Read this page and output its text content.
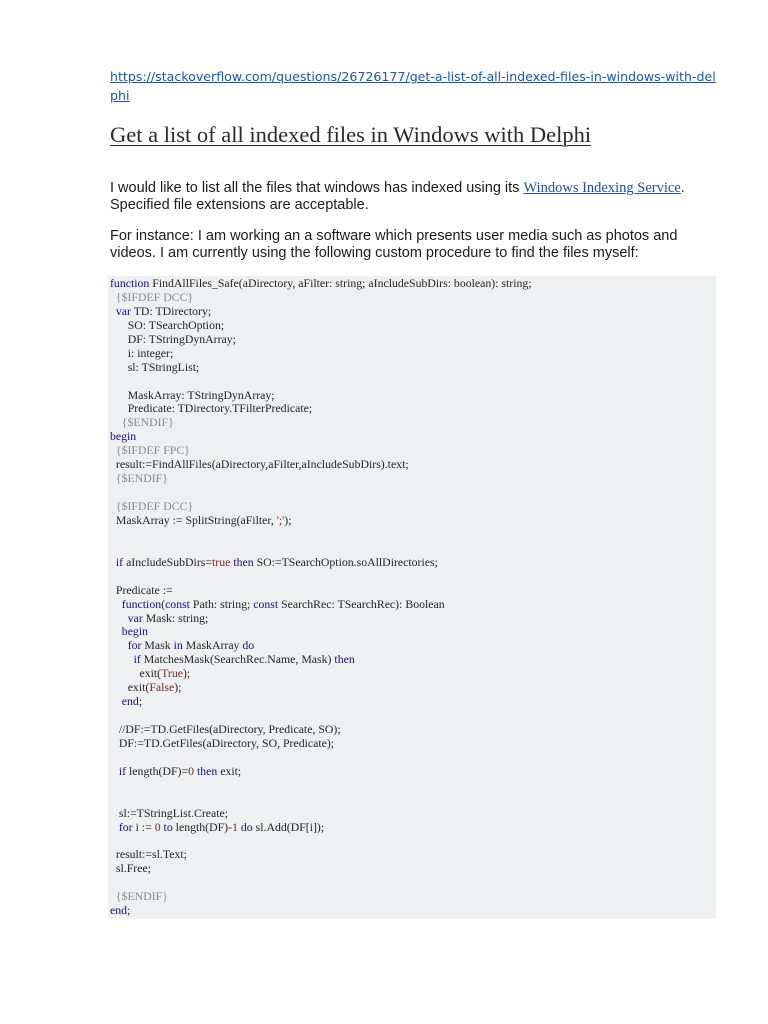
https://stackoverflow.com/questions/26726177/get-a-list-of-all-indexed-files-in-windows-with-delphi
Get a list of all indexed files in Windows with Delphi

I would like to list all the files that windows has indexed using its Windows Indexing Service. Specified file extensions are acceptable.

For instance: I am working an a software which presents user media such as photos and videos. I am currently using the following custom procedure to find the files myself:

function FindAllFiles_Safe(aDirectory, aFilter: string; aIncludeSubDirs: boolean): string;
{$IFDEF DCC}
var TD: TDirectory;
SO: TSearchOption;
DF: TStringDynArray;
i: integer;
sl: TStringList;
MaskArray: TStringDynArray;
Predicate: TDirectory.TFilterPredicate;
{$ENDIF}
begin
{$IFDEF FPC}
result:=FindAllFiles(aDirectory,aFilter,aIncludeSubDirs).text;
{$ENDIF}
{$IFDEF DCC}
MaskArray := SplitString(aFilter, ';');
if aIncludeSubDirs=true then SO:=TSearchOption.soAllDirectories;
Predicate :=
function(const Path: string; const SearchRec: TSearchRec): Boolean
var Mask: string;
begin
for Mask in MaskArray do
if MatchesMask(SearchRec.Name, Mask) then
exit(True);
exit(False);
end;
//DF:=TD.GetFiles(aDirectory, Predicate, SO);
DF:=TD.GetFiles(aDirectory, SO, Predicate);
if length(DF)=0 then exit;
sl:=TStringList.Create;
for i := 0 to length(DF)-1 do sl.Add(DF[i]);
result:=sl.Text;
sl.Free;
{$ENDIF}
end;
